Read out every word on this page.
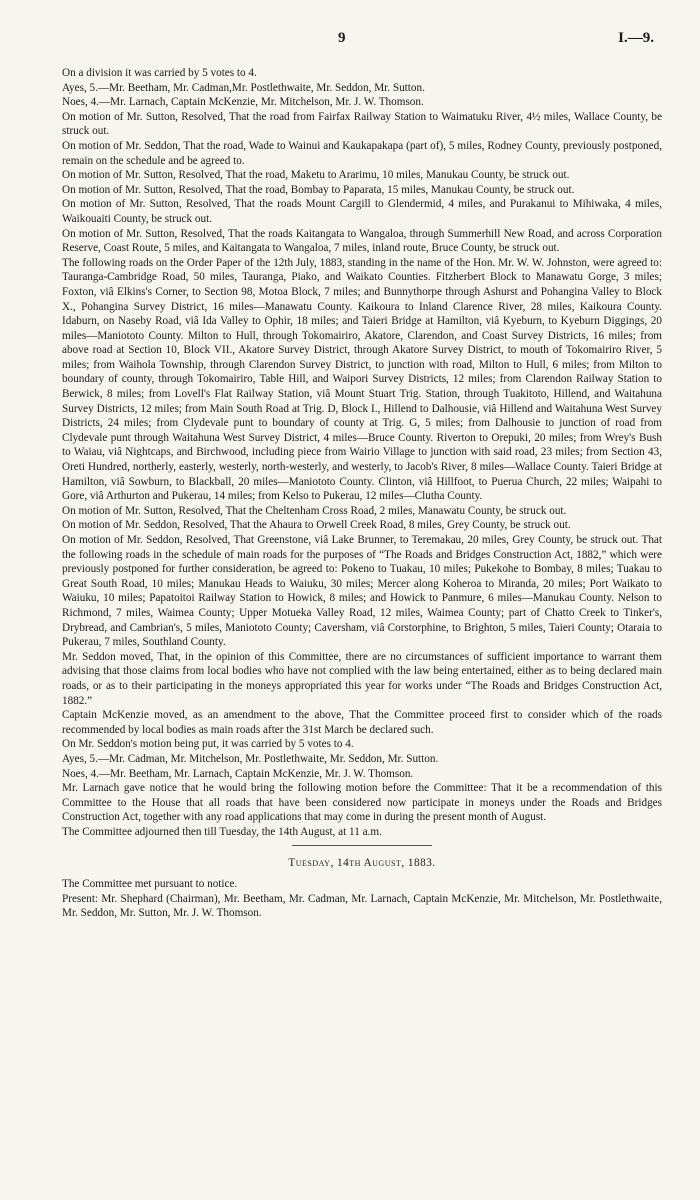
9	I.—9.

On a division it was carried by 5 votes to 4.

Ayes, 5.—Mr. Beetham, Mr. Cadman,Mr. Postlethwaite, Mr. Seddon, Mr. Sutton.

Noes, 4.—Mr. Larnach, Captain McKenzie, Mr. Mitchelson, Mr. J. W. Thomson.

On motion of Mr. Sutton, Resolved, That the road from Fairfax Railway Station to Waimatuku River, 4½ miles, Wallace County, be struck out.

On motion of Mr. Seddon, That the road, Wade to Wainui and Kaukapakapa (part of), 5 miles, Rodney County, previously postponed, remain on the schedule and be agreed to.

On motion of Mr. Sutton, Resolved, That the road, Maketu to Ararimu, 10 miles, Manukau County, be struck out.

On motion of Mr. Sutton, Resolved, That the road, Bombay to Paparata, 15 miles, Manukau County, be struck out.

On motion of Mr. Sutton, Resolved, That the roads Mount Cargill to Glendermid, 4 miles, and Purakanui to Mihiwaka, 4 miles, Waikouaiti County, be struck out.

On motion of Mr. Sutton, Resolved, That the roads Kaitangata to Wangaloa, through Summerhill New Road, and across Corporation Reserve, Coast Route, 5 miles, and Kaitangata to Wangaloa, 7 miles, inland route, Bruce County, be struck out.

The following roads on the Order Paper of the 12th July, 1883, standing in the name of the Hon. Mr. W. W. Johnston, were agreed to: Tauranga-Cambridge Road, 50 miles, Tauranga, Piako, and Waikato Counties. Fitzherbert Block to Manawatu Gorge, 3 miles; Foxton, viâ Elkins's Corner, to Section 98, Motoa Block, 7 miles; and Bunnythorpe through Ashurst and Pohangina Valley to Block X., Pohangina Survey District, 16 miles—Manawatu County. Kaikoura to Inland Clarence River, 28 miles, Kaikoura County. Idaburn, on Naseby Road, viâ Ida Valley to Ophir, 18 miles; and Taieri Bridge at Hamilton, viâ Kyeburn, to Kyeburn Diggings, 20 miles—Maniototo County. Milton to Hull, through Tokomairiro, Akatore, Clarendon, and Coast Survey Districts, 16 miles; from above road at Section 10, Block VII., Akatore Survey District, through Akatore Survey District, to mouth of Tokomairiro River, 5 miles; from Waihola Township, through Clarendon Survey District, to junction with road, Milton to Hull, 6 miles; from Milton to boundary of county, through Tokomairiro, Table Hill, and Waipori Survey Districts, 12 miles; from Clarendon Railway Station to Berwick, 8 miles; from Lovell's Flat Railway Station, viâ Mount Stuart Trig. Station, through Tuakitoto, Hillend, and Waitahuna Survey Districts, 12 miles; from Main South Road at Trig. D, Block I., Hillend to Dalhousie, viâ Hillend and Waitahuna West Survey Districts, 24 miles; from Clydevale punt to boundary of county at Trig. G, 5 miles; from Dalhousie to junction of road from Clydevale punt through Waitahuna West Survey District, 4 miles—Bruce County. Riverton to Orepuki, 20 miles; from Wrey's Bush to Waiau, viâ Nightcaps, and Birchwood, including piece from Wairio Village to junction with said road, 23 miles; from Section 43, Oreti Hundred, northerly, easterly, westerly, north-westerly, and westerly, to Jacob's River, 8 miles—Wallace County. Taieri Bridge at Hamilton, viâ Sowburn, to Blackball, 20 miles—Maniototo County. Clinton, viâ Hillfoot, to Puerua Church, 22 miles; Waipahi to Gore, viâ Arthurton and Pukerau, 14 miles; from Kelso to Pukerau, 12 miles—Clutha County.

On motion of Mr. Sutton, Resolved, That the Cheltenham Cross Road, 2 miles, Manawatu County, be struck out.

On motion of Mr. Seddon, Resolved, That the Ahaura to Orwell Creek Road, 8 miles, Grey County, be struck out.

On motion of Mr. Seddon, Resolved, That Greenstone, viâ Lake Brunner, to Teremakau, 20 miles, Grey County, be struck out. That the following roads in the schedule of main roads for the purposes of “The Roads and Bridges Construction Act, 1882,” which were previously postponed for further consideration, be agreed to: Pokeno to Tuakau, 10 miles; Pukekohe to Bombay, 8 miles; Tuakau to Great South Road, 10 miles; Manukau Heads to Waiuku, 30 miles; Mercer along Koheroa to Miranda, 20 miles; Port Waikato to Waiuku, 10 miles; Papatoitoi Railway Station to Howick, 8 miles; and Howick to Panmure, 6 miles—Manukau County. Nelson to Richmond, 7 miles, Waimea County; Upper Motueka Valley Road, 12 miles, Waimea County; part of Chatto Creek to Tinker's, Drybread, and Cambrian's, 5 miles, Maniototo County; Caversham, viâ Corstorphine, to Brighton, 5 miles, Taieri County; Otaraia to Pukerau, 7 miles, Southland County.

Mr. Seddon moved, That, in the opinion of this Committee, there are no circumstances of sufficient importance to warrant them advising that those claims from local bodies who have not complied with the law being entertained, either as to being declared main roads, or as to their participating in the moneys appropriated this year for works under “The Roads and Bridges Construction Act, 1882.”

Captain McKenzie moved, as an amendment to the above, That the Committee proceed first to consider which of the roads recommended by local bodies as main roads after the 31st March be declared such.

On Mr. Seddon's motion being put, it was carried by 5 votes to 4.

Ayes, 5.—Mr. Cadman, Mr. Mitchelson, Mr. Postlethwaite, Mr. Seddon, Mr. Sutton.

Noes, 4.—Mr. Beetham, Mr. Larnach, Captain McKenzie, Mr. J. W. Thomson.

Mr. Larnach gave notice that he would bring the following motion before the Committee: That it be a recommendation of this Committee to the House that all roads that have been considered now participate in moneys under the Roads and Bridges Construction Act, together with any road applications that may come in during the present month of August.

The Committee adjourned then till Tuesday, the 14th August, at 11 a.m.

Tuesday, 14th August, 1883.

The Committee met pursuant to notice.

Present: Mr. Shephard (Chairman), Mr. Beetham, Mr. Cadman, Mr. Larnach, Captain McKenzie, Mr. Mitchelson, Mr. Postlethwaite, Mr. Seddon, Mr. Sutton, Mr. J. W. Thomson.
